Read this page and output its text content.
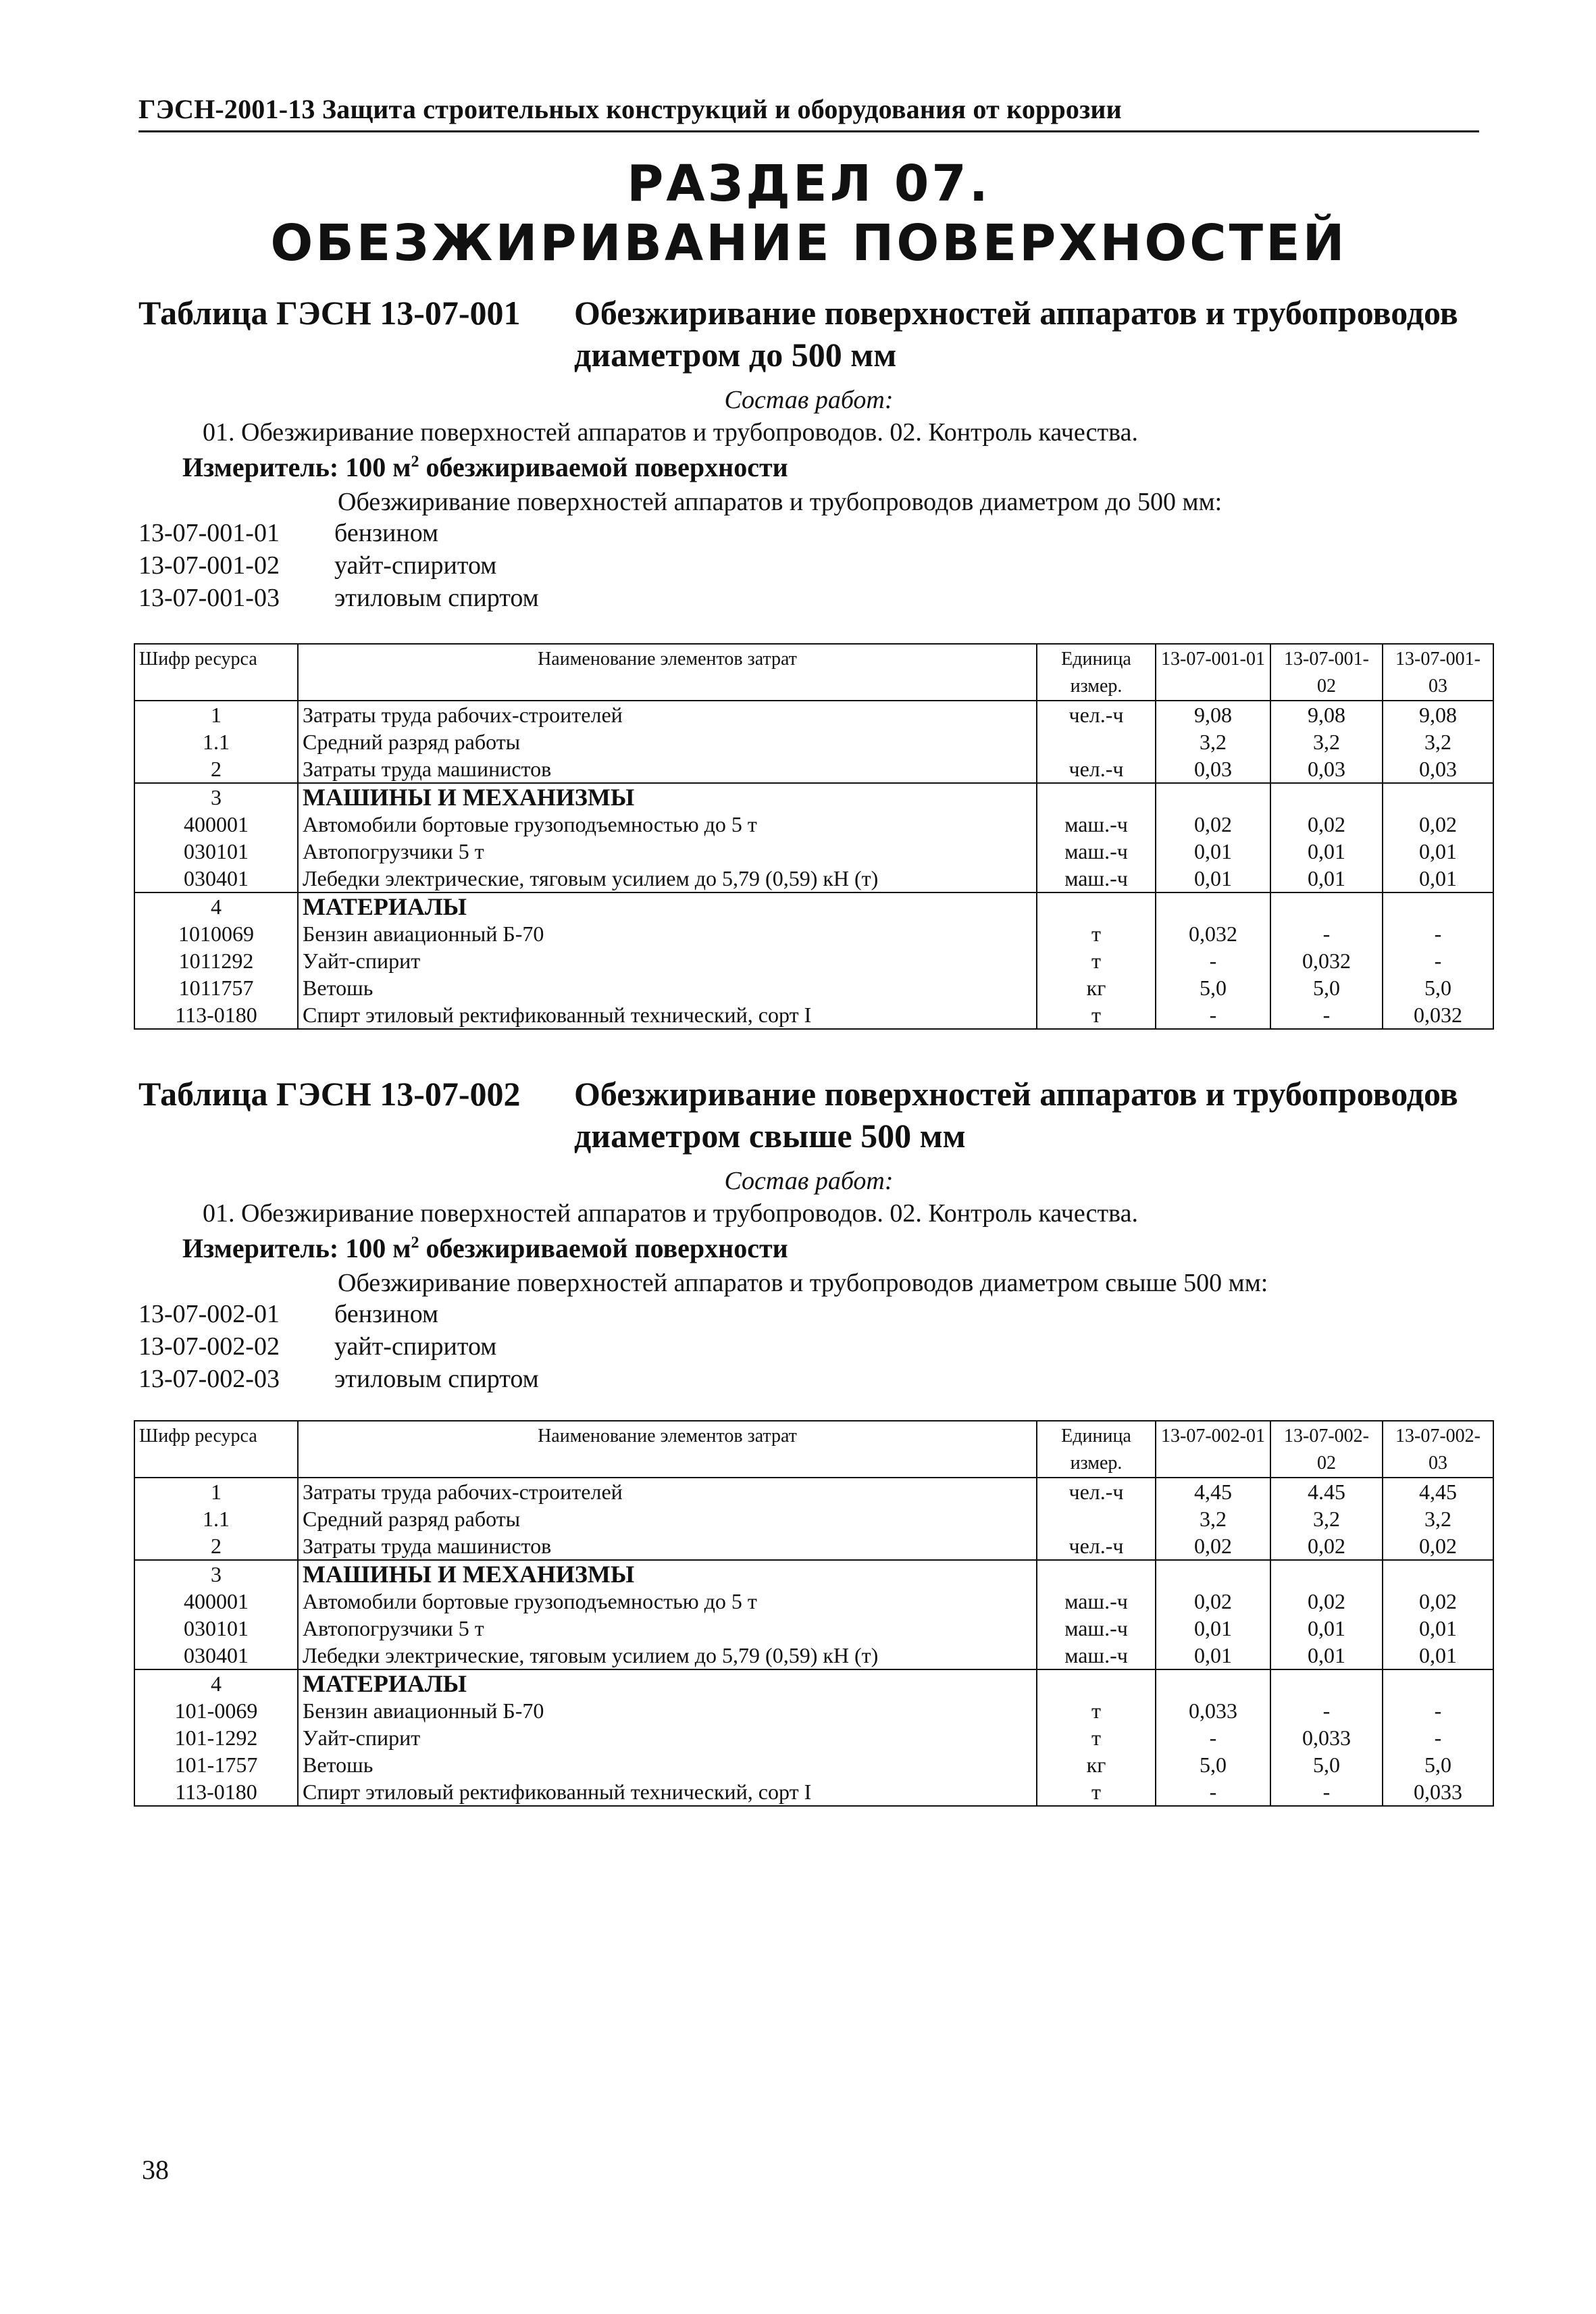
ГЭСН-2001-13 Защита строительных конструкций и оборудования от коррозии
РАЗДЕЛ 07.
ОБЕЗЖИРИВАНИЕ ПОВЕРХНОСТЕЙ
Таблица ГЭСН 13-07-001	Обезжиривание поверхностей аппаратов и трубопроводов диаметром до 500 мм
Состав работ:
01. Обезжиривание поверхностей аппаратов и трубопроводов. 02. Контроль качества.
Измеритель: 100 $м^2$ обезжириваемой поверхности
Обезжиривание поверхностей аппаратов и трубопроводов диаметром до 500 мм:
13-07-001-01	бензином
13-07-001-02	уайт-спиритом
13-07-001-03	этиловым спиртом
Шифр ресурса	Наименование элементов затрат	Единица измер.	13-07-001-01	13-07-001-02	13-07-001-03
1	Затраты труда рабочих-строителей	чел.-ч	9,08	9,08	9,08
1.1	Средний разряд работы		3,2	3,2	3,2
2	Затраты труда машинистов	чел.-ч	0,03	0,03	0,03
3	МАШИНЫ И МЕХАНИЗМЫ				
400001	Автомобили бортовые грузоподъемностью до 5 т	маш.-ч	0,02	0,02	0,02
030101	Автопогрузчики 5 т	маш.-ч	0,01	0,01	0,01
030401	Лебедки электрические, тяговым усилием до 5,79 (0,59) кН (т)	маш.-ч	0,01	0,01	0,01
4	МАТЕРИАЛЫ				
1010069	Бензин авиационный Б-70	т	0,032	-	-
1011292	Уайт-спирит	т	-	0,032	-
1011757	Ветошь	кг	5,0	5,0	5,0
113-0180	Спирт этиловый ректификованный технический, сорт I	т	-	-	0,032
Таблица ГЭСН 13-07-002	Обезжиривание поверхностей аппаратов и трубопроводов диаметром свыше 500 мм
Состав работ:
01. Обезжиривание поверхностей аппаратов и трубопроводов. 02. Контроль качества.
Измеритель: 100 $м^2$ обезжириваемой поверхности
Обезжиривание поверхностей аппаратов и трубопроводов диаметром свыше 500 мм:
13-07-002-01	бензином
13-07-002-02	уайт-спиритом
13-07-002-03	этиловым спиртом
Шифр ресурса	Наименование элементов затрат	Единица измер.	13-07-002-01	13-07-002-02	13-07-002-03
1	Затраты труда рабочих-строителей	чел.-ч	4,45	4.45	4,45
1.1	Средний разряд работы		3,2	3,2	3,2
2	Затраты труда машинистов	чел.-ч	0,02	0,02	0,02
3	МАШИНЫ И МЕХАНИЗМЫ				
400001	Автомобили бортовые грузоподъемностью до 5 т	маш.-ч	0,02	0,02	0,02
030101	Автопогрузчики 5 т	маш.-ч	0,01	0,01	0,01
030401	Лебедки электрические, тяговым усилием до 5,79 (0,59) кН (т)	маш.-ч	0,01	0,01	0,01
4	МАТЕРИАЛЫ				
101-0069	Бензин авиационный Б-70	т	0,033	-	-
101-1292	Уайт-спирит	т	-	0,033	-
101-1757	Ветошь	кг	5,0	5,0	5,0
113-0180	Спирт этиловый ректификованный технический, сорт I	т	-	-	0,033
38
